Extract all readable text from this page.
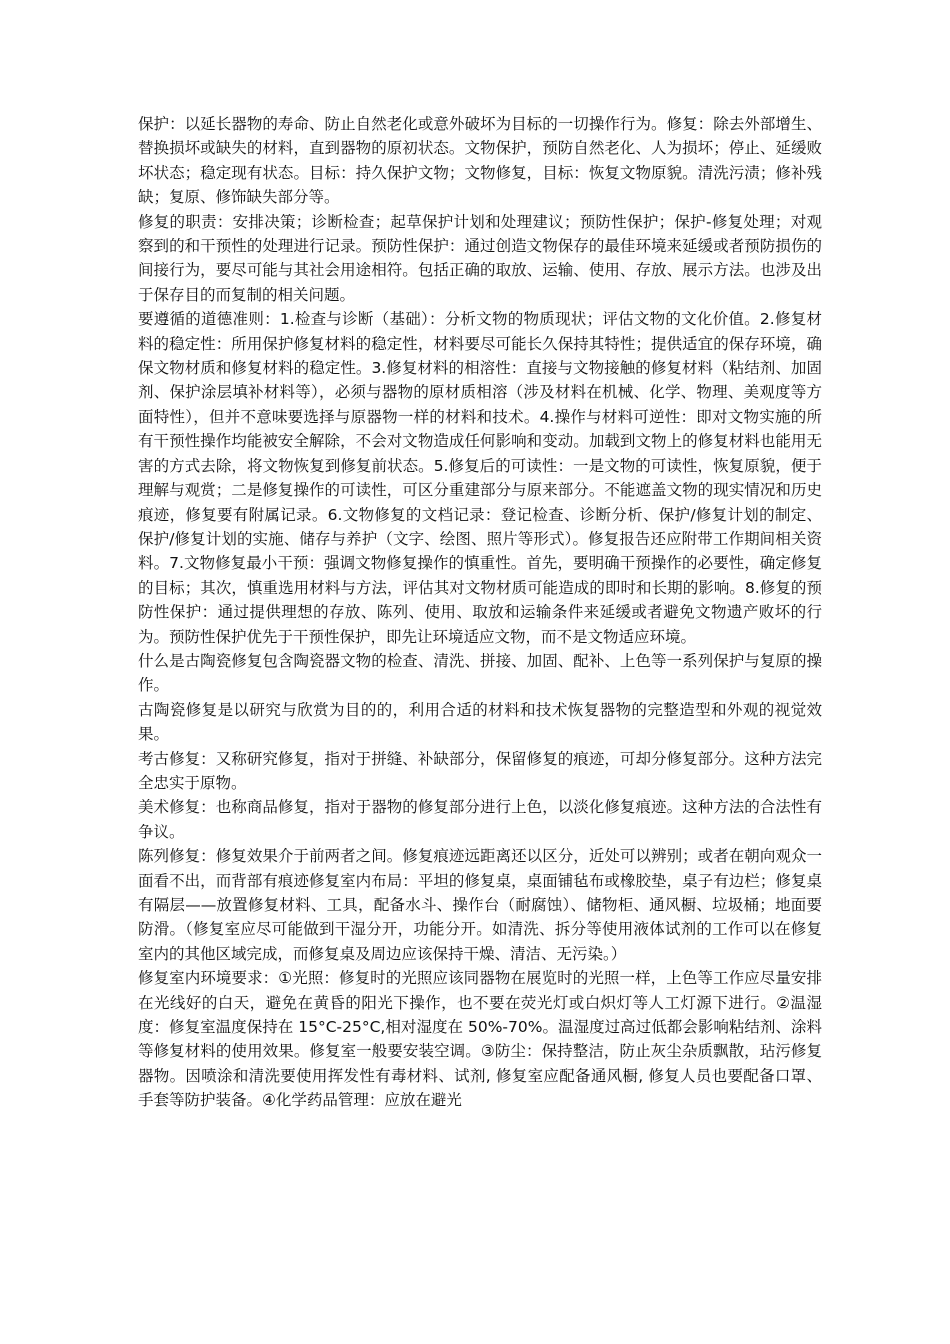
保护：以延长器物的寿命、防止自然老化或意外破坏为目标的一切操作行为。修复：除去外部增生、替换损坏或缺失的材料，直到器物的原初状态。文物保护，预防自然老化、人为损坏；停止、延缓败坏状态；稳定现有状态。目标：持久保护文物；文物修复，目标：恢复文物原貌。清洗污渍；修补残缺；复原、修饰缺失部分等。

修复的职责：安排决策；诊断检查；起草保护计划和处理建议；预防性保护；保护-修复处理；对观察到的和干预性的处理进行记录。预防性保护：通过创造文物保存的最佳环境来延缓或者预防损伤的间接行为，要尽可能与其社会用途相符。包括正确的取放、运输、使用、存放、展示方法。也涉及出于保存目的而复制的相关问题。

要遵循的道德准则：1.检查与诊断（基础）：分析文物的物质现状；评估文物的文化价值。2.修复材料的稳定性：所用保护修复材料的稳定性，材料要尽可能长久保持其特性；提供适宜的保存环境，确保文物材质和修复材料的稳定性。3.修复材料的相溶性：直接与文物接触的修复材料（粘结剂、加固剂、保护涂层填补材料等），必须与器物的原材质相溶（涉及材料在机械、化学、物理、美观度等方面特性），但并不意味要选择与原器物一样的材料和技术。4.操作与材料可逆性：即对文物实施的所有干预性操作均能被安全解除，不会对文物造成任何影响和变动。加载到文物上的修复材料也能用无害的方式去除，将文物恢复到修复前状态。5.修复后的可读性：一是文物的可读性，恢复原貌，便于理解与观赏；二是修复操作的可读性，可区分重建部分与原来部分。不能遮盖文物的现实情况和历史痕迹，修复要有附属记录。6.文物修复的文档记录：登记检查、诊断分析、保护/修复计划的制定、保护/修复计划的实施、储存与养护（文字、绘图、照片等形式）。修复报告还应附带工作期间相关资料。7.文物修复最小干预：强调文物修复操作的慎重性。首先，要明确干预操作的必要性，确定修复的目标；其次，慎重选用材料与方法，评估其对文物材质可能造成的即时和长期的影响。8.修复的预防性保护：通过提供理想的存放、陈列、使用、取放和运输条件来延缓或者避免文物遗产败坏的行为。预防性保护优先于干预性保护，即先让环境适应文物，而不是文物适应环境。

什么是古陶瓷修复包含陶瓷器文物的检查、清洗、拼接、加固、配补、上色等一系列保护与复原的操作。

古陶瓷修复是以研究与欣赏为目的的，利用合适的材料和技术恢复器物的完整造型和外观的视觉效果。

考古修复：又称研究修复，指对于拼缝、补缺部分，保留修复的痕迹，可却分修复部分。这种方法完全忠实于原物。

美术修复：也称商品修复，指对于器物的修复部分进行上色，以淡化修复痕迹。这种方法的合法性有争议。

陈列修复：修复效果介于前两者之间。修复痕迹远距离还以区分，近处可以辨别；或者在朝向观众一面看不出，而背部有痕迹修复室内布局：平坦的修复桌，桌面铺毡布或橡胶垫，桌子有边栏；修复桌有隔层——放置修复材料、工具，配备水斗、操作台（耐腐蚀）、储物柜、通风橱、垃圾桶；地面要防滑。（修复室应尽可能做到干湿分开，功能分开。如清洗、拆分等使用液体试剂的工作可以在修复室内的其他区域完成，而修复桌及周边应该保持干燥、清洁、无污染。）

修复室内环境要求：①光照：修复时的光照应该同器物在展览时的光照一样，上色等工作应尽量安排在光线好的白天，避免在黄昏的阳光下操作，也不要在荧光灯或白炽灯等人工灯源下进行。②温湿度：修复室温度保持在 15°C-25°C,相对湿度在 50%-70%。温湿度过高过低都会影响粘结剂、涂料等修复材料的使用效果。修复室一般要安装空调。③防尘：保持整洁，防止灰尘杂质飘散，玷污修复器物。因喷涂和清洗要使用挥发性有毒材料、试剂, 修复室应配备通风橱, 修复人员也要配备口罩、手套等防护装备。④化学药品管理：应放在避光
